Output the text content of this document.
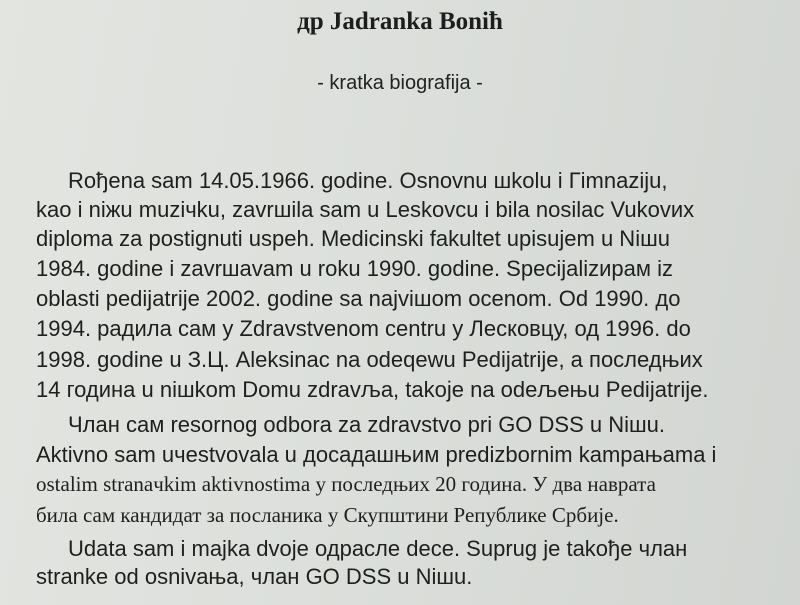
др Jadranka Boniћ
- kratka biografija -
Roђena sam 14.05.1966. godine. Osnovnu шkolu i Гimnaziju,
kao i niжu muziчku, zavrшila sam u Leskovcu i bila nosilac Vukovих
diploma za postignuti uspeh. Medicinski fakultet upisujem u Niшu
1984. godine i zavrшavam u roku 1990. godine. Specijalizирам iz
oblasti pedijatrije 2002. godine sa najviшom ocenom. Od 1990. до
1994. радила сам у Zdravstvenom centru у Лесковцу, од 1996. do
1998. godine u З.Ц. Aleksinac na odeqewu Pedijatrije, а последњих
14 година u niшkom Domu zdravља, takoјe na odeљeњu Pedijatrije.
Члан сам resornog odbora za zdravstvo pri GO DSS u Niшu.
Aktivno sam uчestvovala u досадашњим predizbornim kampaњama i
ostalim stranaчkim aktivnostima у последњих 20 година. У два наврата
била сам кандидат за посланика у Скупштини Републике Србије.
Udata sam i majka dvoje одрасле dece. Suprug je takoђe члан
stranke od osnivaња, члан GO DSS u Niшu.
